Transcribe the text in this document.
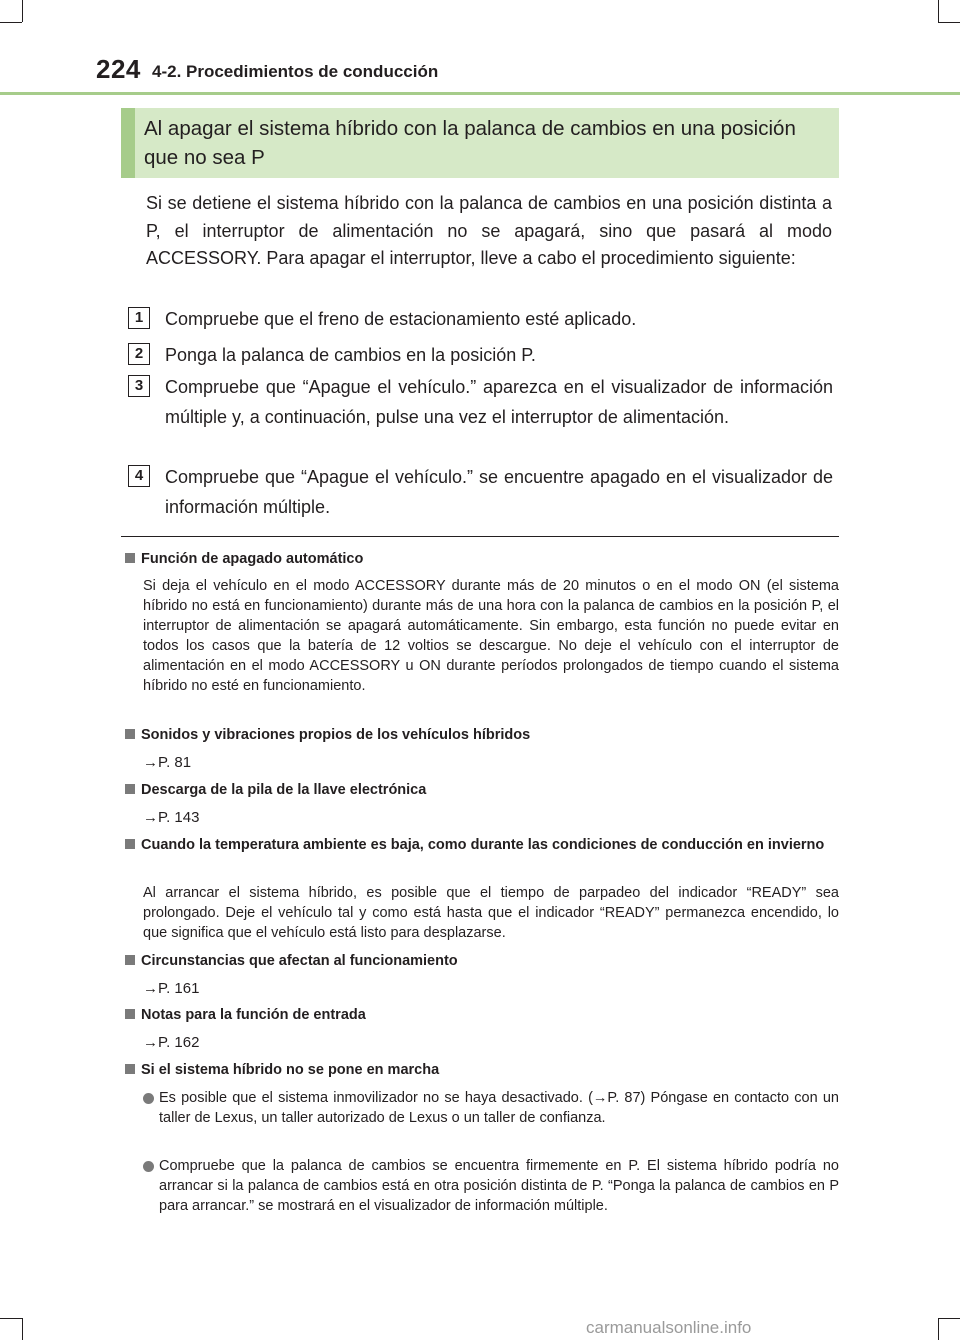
224 4-2. Procedimientos de conducción
Al apagar el sistema híbrido con la palanca de cambios en una posición que no sea P
Si se detiene el sistema híbrido con la palanca de cambios en una posición distinta a P, el interruptor de alimentación no se apagará, sino que pasará al modo ACCESSORY. Para apagar el interruptor, lleve a cabo el procedimiento siguiente:
1	Compruebe que el freno de estacionamiento esté aplicado.
2	Ponga la palanca de cambios en la posición P.
3	Compruebe que “Apague el vehículo.” aparezca en el visualizador de información múltiple y, a continuación, pulse una vez el interruptor de alimentación.
4	Compruebe que “Apague el vehículo.” se encuentre apagado en el visualizador de información múltiple.
Función de apagado automático
Si deja el vehículo en el modo ACCESSORY durante más de 20 minutos o en el modo ON (el sistema híbrido no está en funcionamiento) durante más de una hora con la palanca de cambios en la posición P, el interruptor de alimentación se apagará automáticamente. Sin embargo, esta función no puede evitar en todos los casos que la batería de 12 voltios se descargue. No deje el vehículo con el interruptor de alimentación en el modo ACCESSORY u ON durante períodos prolongados de tiempo cuando el sistema híbrido no esté en funcionamiento.
Sonidos y vibraciones propios de los vehículos híbridos
→P. 81
Descarga de la pila de la llave electrónica
→P. 143
Cuando la temperatura ambiente es baja, como durante las condiciones de conducción en invierno
Al arrancar el sistema híbrido, es posible que el tiempo de parpadeo del indicador “READY” sea prolongado. Deje el vehículo tal y como está hasta que el indicador “READY” permanezca encendido, lo que significa que el vehículo está listo para desplazarse.
Circunstancias que afectan al funcionamiento
→P. 161
Notas para la función de entrada
→P. 162
Si el sistema híbrido no se pone en marcha
Es posible que el sistema inmovilizador no se haya desactivado. (→P. 87) Póngase en contacto con un taller de Lexus, un taller autorizado de Lexus o un taller de confianza.
Compruebe que la palanca de cambios se encuentra firmemente en P. El sistema híbrido podría no arrancar si la palanca de cambios está en otra posición distinta de P. “Ponga la palanca de cambios en P para arrancar.” se mostrará en el visualizador de información múltiple.
carmanualsonline.info
